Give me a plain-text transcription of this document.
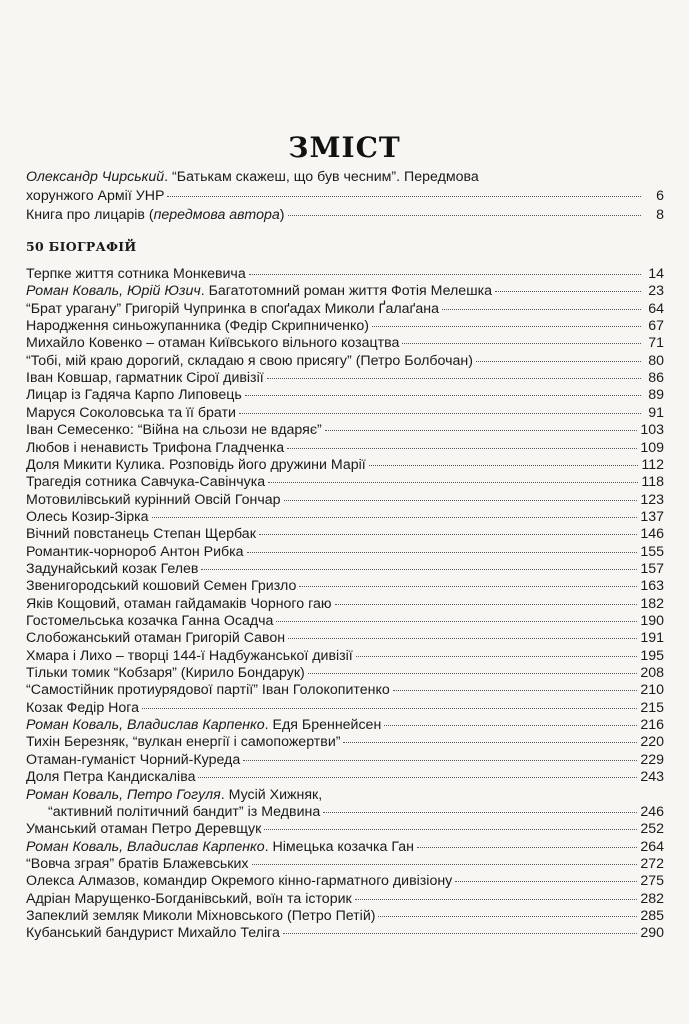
ЗМІСТ
Олександр Чирський. “Батькам скажеш, що був чесним”. Передмова
хорунжого Армії УНР	6
Книга про лицарів (передмова автора)	8
Терпке життя сотника Монкевича	14
Роман Коваль, Юрій Юзич. Багатотомний роман життя Фотія Мелешка	23
“Брат урагану” Григорій Чупринка в споґадах Миколи Ґалаґана	64
Народження синьожупанника (Федір Скрипниченко)	67
Михайло Ковенко – отаман Київського вільного козацтва	71
“Тобі, мій краю дорогий, складаю я свою присягу” (Петро Болбочан)	80
Іван Ковшар, гарматник Сірої дивізії	86
Лицар із Гадяча Карпо Липовець	89
Маруся Соколовська та її брати	91
Іван Семесенко: “Війна на сльози не вдаряє”	103
Любов і ненависть Трифона Гладченка	109
Доля Микити Кулика. Розповідь його дружини Марії	112
Трагедія сотника Савчука-Савінчука	118
Мотовилівський курінний Овсій Гончар	123
Олесь Козир-Зірка	137
Вічний повстанець Степан Щербак	146
Романтик-чорнороб Антон Рибка	155
Задунайський козак Гелев	157
Звенигородський кошовий Семен Гризло	163
Яків Кощовий, отаман гайдамаків Чорного гаю	182
Гостомельська козачка Ганна Осадча	190
Слобожанський отаман Григорій Савон	191
Хмара і Лихо – творці 144-ї Надбужанської дивізії	195
Тільки томик “Кобзаря” (Кирило Бондарук)	208
“Самостійник протиурядової партії” Іван Голокопитенко	210
Козак Федір Нога	215
Роман Коваль, Владислав Карпенко. Едя Бреннейсен	216
Тихін Березняк, “вулкан енергії і самопожертви”	220
Отаман-гуманіст Чорний-Куреда	229
Доля Петра Кандискаліва	243
Роман Коваль, Петро Гогуля. Мусій Хижняк,
“активний політичний бандит” із Медвина	246
Уманський отаман Петро Деревщук	252
Роман Коваль, Владислав Карпенко. Німецька козачка Ган	264
“Вовча зграя” братів Блажевських	272
Олекса Алмазов, командир Окремого кінно-гарматного дивізіону	275
Адріан Марущенко-Богданівський, воїн та історик	282
Запеклий земляк Миколи Міхновського (Петро Петій)	285
Кубанський бандурист Михайло Теліга	290
50 БІОГРАФІЙ
